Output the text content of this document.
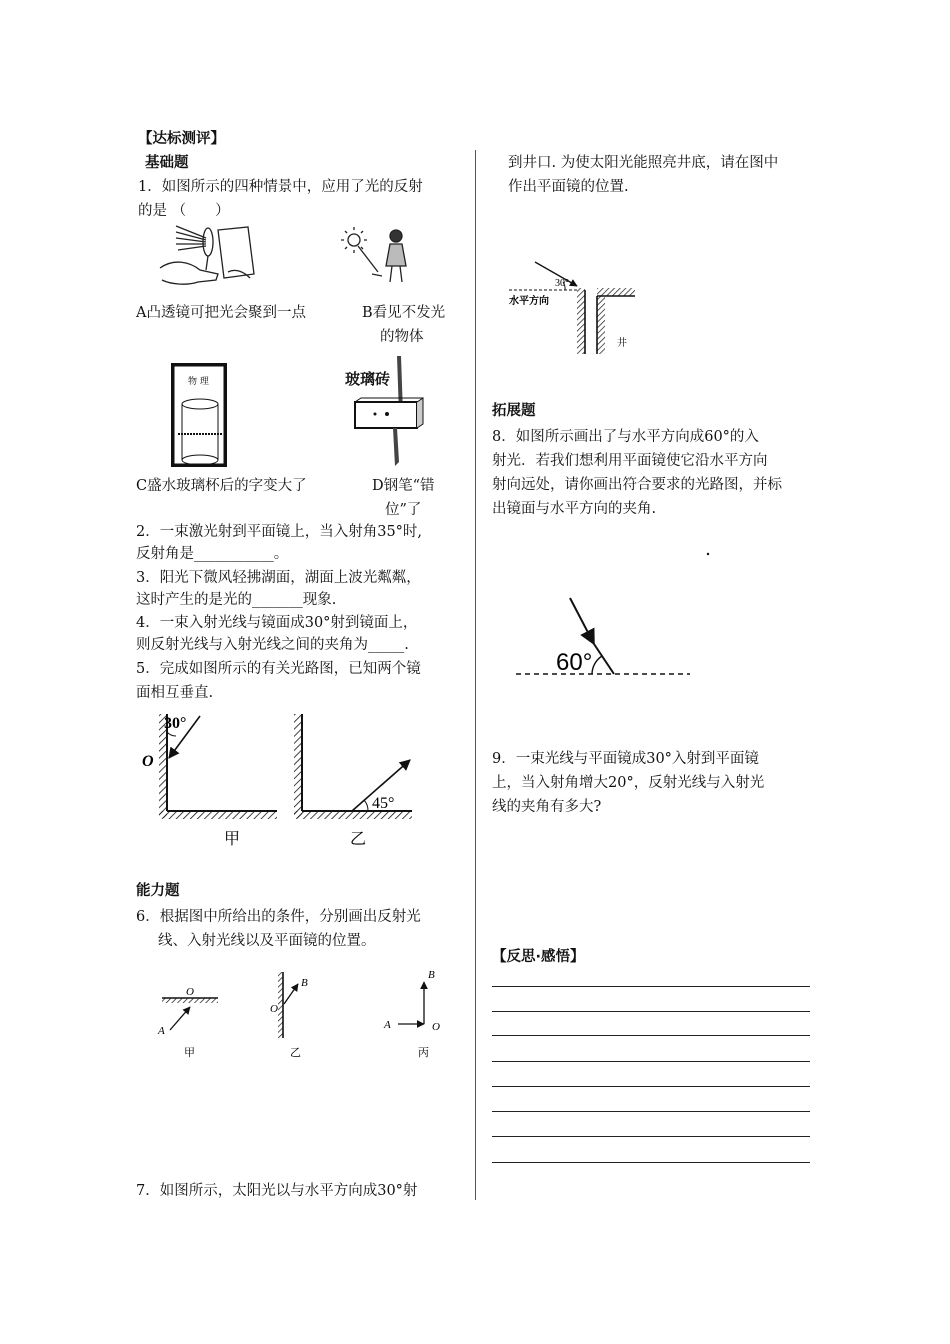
【达标测评】
基础题
1．如图所示的四种情景中，应用了光的反射
的是 （　　）
A凸透镜可把光会聚到一点	B看见不发光
的物体
物 理	玻璃砖
C盛水玻璃杯后的字变大了	D钢笔“错
位”了
2．一束激光射到平面镜上，当入射角35°时,
反射角是___________。
3．阳光下微风轻拂湖面，湖面上波光粼粼，
这时产生的是光的_______现象.
4．一束入射光线与镜面成30°射到镜面上，
则反射光线与入射光线之间的夹角为_____.
5．完成如图所示的有关光路图，已知两个镜
面相互垂直.
30°
O
甲
45°
乙
能力题
6．根据图中所给出的条件，分别画出反射光
线、入射光线以及平面镜的位置。
O
A
甲
B
O
乙
B
A	O
丙
7．如图所示，太阳光以与水平方向成30°射
到井口. 为使太阳光能照亮井底，请在图中
作出平面镜的位置.
30°
水平方向
井
拓展题
8．如图所示画出了与水平方向成60°的入
射光．若我们想利用平面镜使它沿水平方向
射向远处，请你画出符合要求的光路图，并标
出镜面与水平方向的夹角.
60°
9．一束光线与平面镜成30°入射到平面镜
上，当入射角增大20°，反射光线与入射光
线的夹角有多大?
【反思·感悟】
